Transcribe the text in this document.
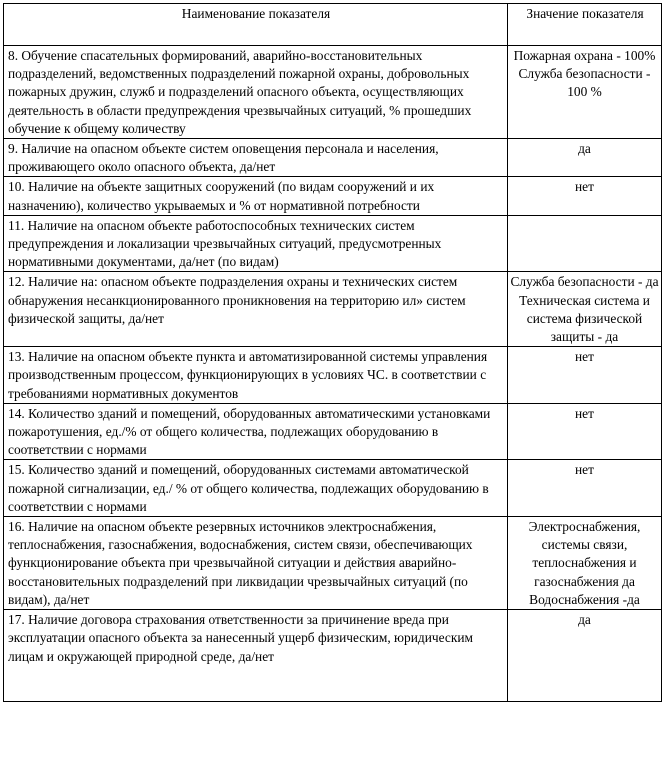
Наименование показателя	Значение показателя
8. Обучение спасательных формирований, аварийно-восстановительных подразделений, ведомственных подразделений пожарной охраны, добровольных пожарных дружин, служб и подразделений опасного объекта, осуществляющих деятельность в области предупреждения чрезвычайных ситуаций, % прошедших обучение к общему количеству	Пожарная охрана - 100% Служба безопасности - 100 %
9. Наличие на опасном объекте систем оповещения персонала и населения, проживающего около опасного объекта, да/нет	да
10. Наличие на объекте защитных сооружений (по видам сооружений и их назначению), количество укрываемых и % от нормативной потребности	нет
11. Наличие на опасном объекте работоспособных технических систем предупреждения и локализации чрезвычайных ситуаций, предусмотренных нормативными документами, да/нет (по видам)	
12. Наличие на: опасном объекте подразделения охраны и технических систем обнаружения несанкционированного проникновения на территорию ил» систем физической защиты, да/нет	Служба безопасности - да Техническая система и система физической защиты - да
13. Наличие на опасном объекте пункта и автоматизированной системы управления производственным процессом, функционирующих в условиях ЧС. в соответствии с требованиями нормативных документов	нет
14. Количество зданий и помещений, оборудованных автоматическими установками пожаротушения, ед./% от общего количества, подлежащих оборудованию в соответствии с нормами	нет
15. Количество зданий и помещений, оборудованных системами автоматической пожарной сигнализации, ед./ % от общего количества, подлежащих оборудованию в соответствии с нормами	нет
16. Наличие на опасном объекте резервных источников электроснабжения, теплоснабжения, газоснабжения, водоснабжения, систем связи, обеспечивающих функционирование объекта при чрезвычайной ситуации и действия аварийно-восстановительных подразделений при ликвидации чрезвычайных ситуаций (по видам), да/нет	Электроснабжения, системы связи, теплоснабжения и газоснабжения да Водоснабжения -да
17. Наличие договора страхования ответственности за причинение вреда при эксплуатации опасного объекта за нанесенный ущерб физическим, юридическим лицам и окружающей природной среде, да/нет	да
